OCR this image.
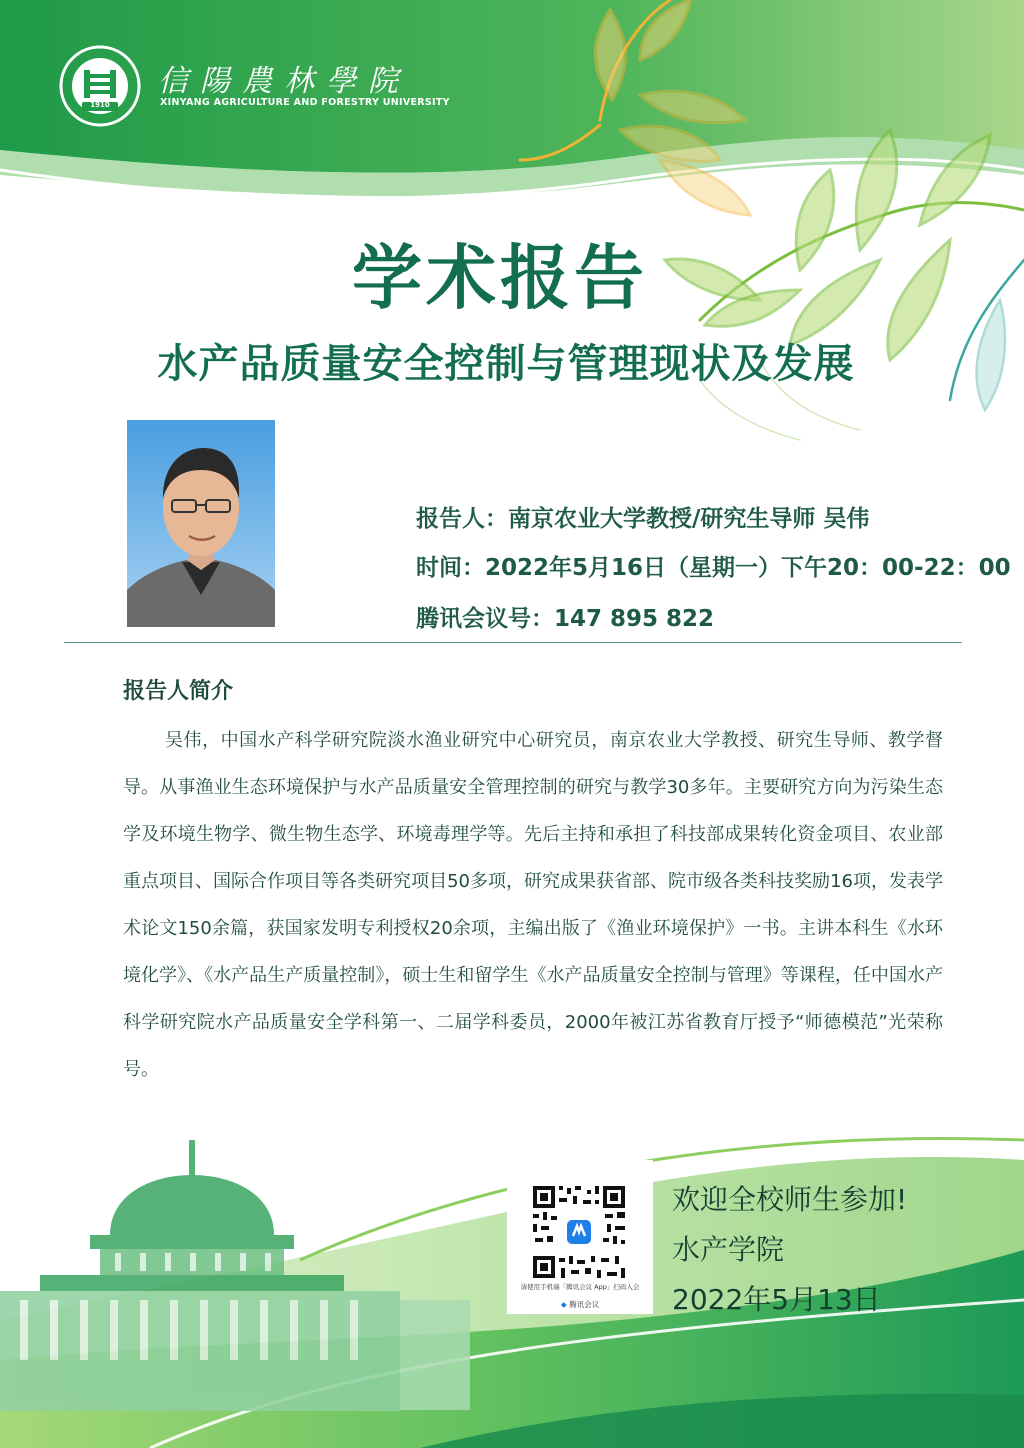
信陽農林學院
XINYANG AGRICULTURE AND FORESTRY UNIVERSITY
1910
学术报告
水产品质量安全控制与管理现状及发展
报告人：南京农业大学教授/研究生导师 吴伟
时间：2022年5月16日（星期一）下午20：00-22：00
腾讯会议号：147 895 822
报告人简介
吴伟，中国水产科学研究院淡水渔业研究中心研究员，南京农业大学教授、研究生导师、教学督导。从事渔业生态环境保护与水产品质量安全管理控制的研究与教学30多年。主要研究方向为污染生态学及环境生物学、微生物生态学、环境毒理学等。先后主持和承担了科技部成果转化资金项目、农业部重点项目、国际合作项目等各类研究项目50多项，研究成果获省部、院市级各类科技奖励16项，发表学术论文150余篇，获国家发明专利授权20余项，主编出版了《渔业环境保护》一书。主讲本科生《水环境化学》、《水产品生产质量控制》，硕士生和留学生《水产品质量安全控制与管理》等课程，任中国水产科学研究院水产品质量安全学科第一、二届学科委员，2000年被江苏省教育厅授予“师德模范”光荣称号。
请使用手机端「腾讯会议 App」扫码入会
◆ 腾讯会议
欢迎全校师生参加!
水产学院
2022年5月13日
